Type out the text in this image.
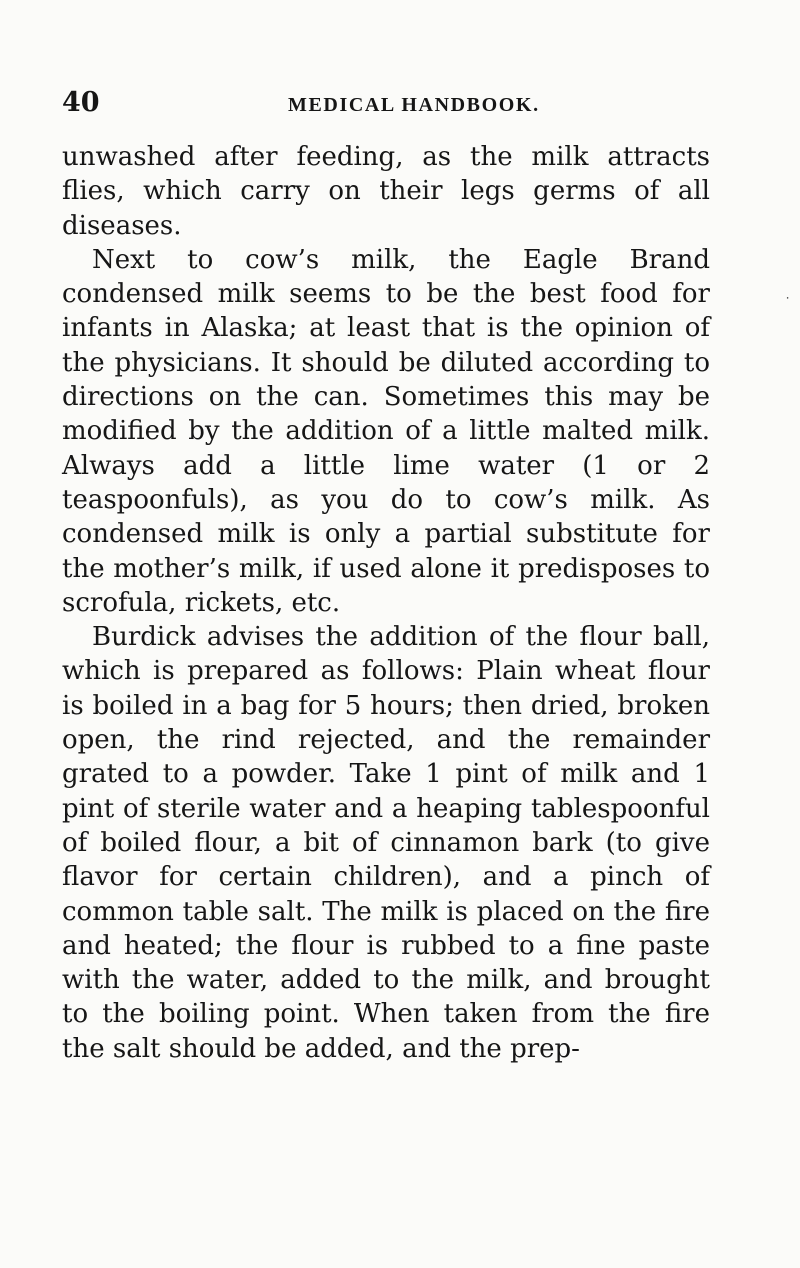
40	MEDICAL HANDBOOK.

unwashed after feeding, as the milk attracts flies, which carry on their legs germs of all diseases.

Next to cow’s milk, the Eagle Brand condensed milk seems to be the best food for infants in Alaska; at least that is the opinion of the physicians. It should be diluted according to directions on the can. Sometimes this may be modified by the addition of a little malted milk. Always add a little lime water (1 or 2 teaspoonfuls), as you do to cow’s milk. As condensed milk is only a partial substitute for the mother’s milk, if used alone it predisposes to scrofula, rickets, etc.

Burdick advises the addition of the flour ball, which is prepared as follows: Plain wheat flour is boiled in a bag for 5 hours; then dried, broken open, the rind rejected, and the remainder grated to a powder. Take 1 pint of milk and 1 pint of sterile water and a heaping tablespoonful of boiled flour, a bit of cinnamon bark (to give flavor for certain children), and a pinch of common table salt. The milk is placed on the fire and heated; the flour is rubbed to a fine paste with the water, added to the milk, and brought to the boiling point. When taken from the fire the salt should be added, and the prep-

⸱
